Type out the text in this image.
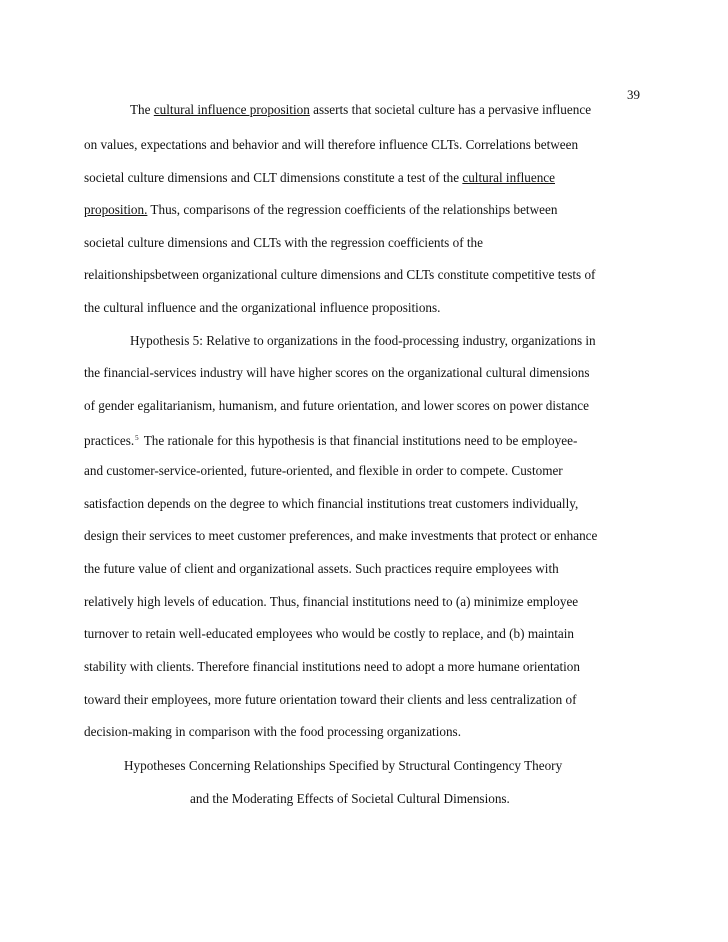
39
The cultural influence proposition asserts that societal culture has a pervasive influence
on values, expectations and behavior and will therefore influence CLTs. Correlations between
societal culture dimensions and CLT dimensions constitute a test of the cultural influence
proposition. Thus, comparisons of the regression coefficients of the relationships between
societal culture dimensions and CLTs with the regression coefficients of the
relaitionshipsbetween organizational culture dimensions and CLTs constitute competitive tests of
the cultural influence and the organizational influence propositions.
Hypothesis 5: Relative to organizations in the food-processing industry, organizations in
the financial-services industry will have higher scores on the organizational cultural dimensions
of gender egalitarianism, humanism, and future orientation, and lower scores on power distance
practices.$^5$ The rationale for this hypothesis is that financial institutions need to be employee-
and customer-service-oriented, future-oriented, and flexible in order to compete. Customer
satisfaction depends on the degree to which financial institutions treat customers individually,
design their services to meet customer preferences, and make investments that protect or enhance
the future value of client and organizational assets. Such practices require employees with
relatively high levels of education. Thus, financial institutions need to (a) minimize employee
turnover to retain well-educated employees who would be costly to replace, and (b) maintain
stability with clients. Therefore financial institutions need to adopt a more humane orientation
toward their employees, more future orientation toward their clients and less centralization of
decision-making in comparison with the food processing organizations.
Hypotheses Concerning Relationships Specified by Structural Contingency Theory
and the Moderating Effects of Societal Cultural Dimensions.
